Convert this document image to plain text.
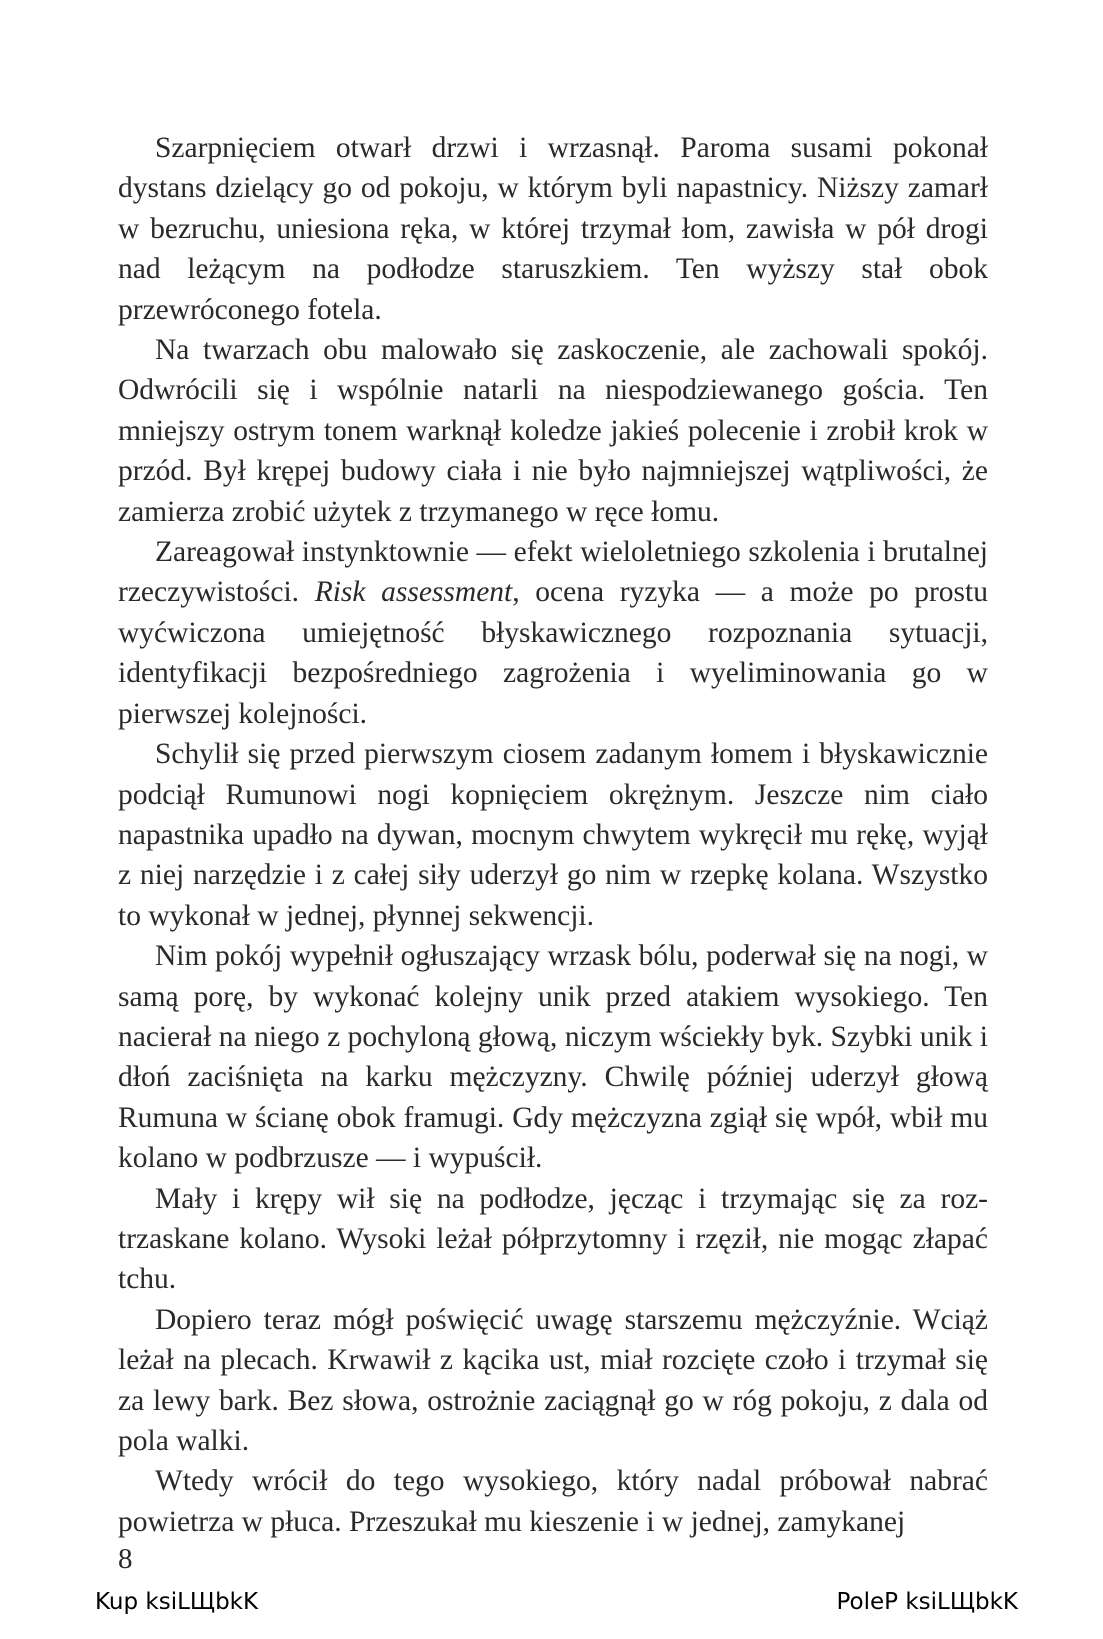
Szarpnięciem otwarł drzwi i wrzasnął. Paroma susami pokonał dystans dzielący go od pokoju, w którym byli napastnicy. Niższy zamarł w bezruchu, uniesiona ręka, w której trzymał łom, zawisła w pół drogi nad leżącym na podłodze staruszkiem. Ten wyższy stał obok przewróconego fotela.

Na twarzach obu malowało się zaskoczenie, ale zachowali spokój. Odwrócili się i wspólnie natarli na niespodziewanego gościa. Ten mniejszy ostrym tonem warknął koledze jakieś polecenie i zrobił krok w przód. Był krępej budowy ciała i nie było najmniejszej wątpliwości, że zamierza zrobić użytek z trzymanego w ręce łomu.

Zareagował instynktownie — efekt wieloletniego szkolenia i brutalnej rzeczywistości. Risk assessment, ocena ryzyka — a może po prostu wyćwiczona umiejętność błyskawicznego rozpoznania sytuacji, identyfikacji bezpośredniego zagrożenia i wyeliminowania go w pierwszej kolejności.

Schylił się przed pierwszym ciosem zadanym łomem i błyskawicznie podciął Rumunowi nogi kopnięciem okrężnym. Jeszcze nim ciało napastnika upadło na dywan, mocnym chwytem wykręcił mu rękę, wyjął z niej narzędzie i z całej siły uderzył go nim w rzepkę kolana. Wszystko to wykonał w jednej, płynnej sekwencji.

Nim pokój wypełnił ogłuszający wrzask bólu, poderwał się na nogi, w samą porę, by wykonać kolejny unik przed atakiem wysokiego. Ten nacierał na niego z pochyloną głową, niczym wściekły byk. Szybki unik i dłoń zaciśnięta na karku mężczyzny. Chwilę później uderzył głową Rumuna w ścianę obok framugi. Gdy mężczyzna zgiął się wpół, wbił mu kolano w podbrzusze — i wypuścił.

Mały i krępy wił się na podłodze, jęcząc i trzymając się za roztrzaskane kolano. Wysoki leżał półprzytomny i rzęził, nie mogąc złapać tchu.

Dopiero teraz mógł poświęcić uwagę starszemu mężczyźnie. Wciąż leżał na plecach. Krwawił z kącika ust, miał rozcięte czoło i trzymał się za lewy bark. Bez słowa, ostrożnie zaciągnął go w róg pokoju, z dala od pola walki.

Wtedy wrócił do tego wysokiego, który nadal próbował nabrać powietrza w płuca. Przeszukał mu kieszenie i w jednej, zamykanej

8
Kup ksiLЩbkK	PoleP ksiLЩbkK
